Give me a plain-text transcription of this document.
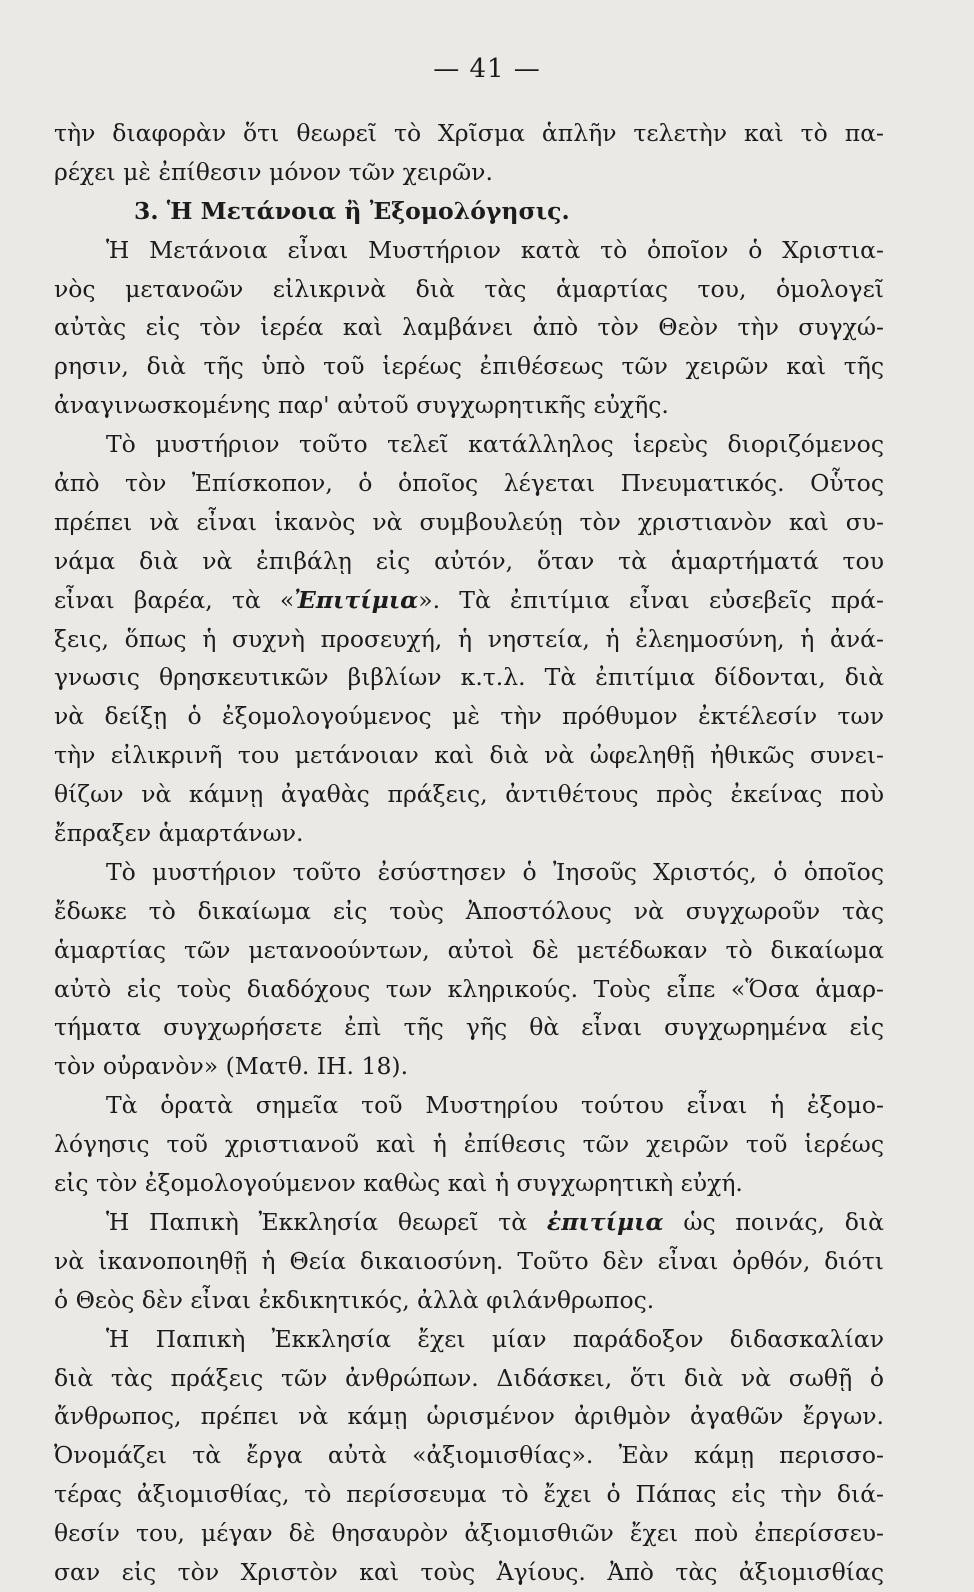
— 41 —
τὴν διαφορὰν ὅτι θεωρεῖ τὸ Χρῖσμα ἁπλῆν τελετὴν καὶ τὸ πα-
ρέχει μὲ ἐπίθεσιν μόνον τῶν χειρῶν.
3. Ἡ Μετάνοια ἢ Ἐξομολόγησις.
Ἡ Μετάνοια εἶναι Μυστήριον κατὰ τὸ ὁποῖον ὁ Χριστια-
νὸς μετανοῶν εἰλικρινὰ διὰ τὰς ἁμαρτίας του, ὁμολογεῖ
αὐτὰς εἰς τὸν ἱερέα καὶ λαμβάνει ἀπὸ τὸν Θεὸν τὴν συγχώ-
ρησιν, διὰ τῆς ὑπὸ τοῦ ἱερέως ἐπιθέσεως τῶν χειρῶν καὶ τῆς
ἀναγινωσκομένης παρ' αὐτοῦ συγχωρητικῆς εὐχῆς.
Τὸ μυστήριον τοῦτο τελεῖ κατάλληλος ἱερεὺς διοριζόμενος
ἀπὸ τὸν Ἐπίσκοπον, ὁ ὁποῖος λέγεται Πνευματικός. Οὗτος
πρέπει νὰ εἶναι ἱκανὸς νὰ συμβουλεύῃ τὸν χριστιανὸν καὶ συ-
νάμα διὰ νὰ ἐπιβάλῃ εἰς αὐτόν, ὅταν τὰ ἁμαρτήματά του
εἶναι βαρέα, τὰ «Ἐπιτίμια». Τὰ ἐπιτίμια εἶναι εὐσεβεῖς πρά-
ξεις, ὅπως ἡ συχνὴ προσευχή, ἡ νηστεία, ἡ ἐλεημοσύνη, ἡ ἀνά-
γνωσις θρησκευτικῶν βιβλίων κ.τ.λ. Τὰ ἐπιτίμια δίδονται, διὰ
νὰ δείξῃ ὁ ἐξομολογούμενος μὲ τὴν πρόθυμον ἐκτέλεσίν των
τὴν εἰλικρινῆ του μετάνοιαν καὶ διὰ νὰ ὠφεληθῇ ἠθικῶς συνει-
θίζων νὰ κάμνῃ ἀγαθὰς πράξεις, ἀντιθέτους πρὸς ἐκείνας ποὺ
ἔπραξεν ἁμαρτάνων.
Τὸ μυστήριον τοῦτο ἐσύστησεν ὁ Ἰησοῦς Χριστός, ὁ ὁποῖος
ἔδωκε τὸ δικαίωμα εἰς τοὺς Ἀποστόλους νὰ συγχωροῦν τὰς
ἁμαρτίας τῶν μετανοούντων, αὐτοὶ δὲ μετέδωκαν τὸ δικαίωμα
αὐτὸ εἰς τοὺς διαδόχους των κληρικούς. Τοὺς εἶπε «Ὅσα ἁμαρ-
τήματα συγχωρήσετε ἐπὶ τῆς γῆς θὰ εἶναι συγχωρημένα εἰς
τὸν οὐρανὸν» (Ματθ. ΙΗ. 18).
Τὰ ὁρατὰ σημεῖα τοῦ Μυστηρίου τούτου εἶναι ἡ ἐξομο-
λόγησις τοῦ χριστιανοῦ καὶ ἡ ἐπίθεσις τῶν χειρῶν τοῦ ἱερέως
εἰς τὸν ἐξομολογούμενον καθὼς καὶ ἡ συγχωρητικὴ εὐχή.
Ἡ Παπικὴ Ἐκκλησία θεωρεῖ τὰ ἐπιτίμια ὡς ποινάς, διὰ
νὰ ἱκανοποιηθῇ ἡ Θεία δικαιοσύνη. Τοῦτο δὲν εἶναι ὀρθόν, διότι
ὁ Θεὸς δὲν εἶναι ἐκδικητικός, ἀλλὰ φιλάνθρωπος.
Ἡ Παπικὴ Ἐκκλησία ἔχει μίαν παράδοξον διδασκαλίαν
διὰ τὰς πράξεις τῶν ἀνθρώπων. Διδάσκει, ὅτι διὰ νὰ σωθῇ ὁ
ἄνθρωπος, πρέπει νὰ κάμῃ ὡρισμένον ἀριθμὸν ἀγαθῶν ἔργων.
Ὀνομάζει τὰ ἔργα αὐτὰ «ἀξιομισθίας». Ἐὰν κάμῃ περισσο-
τέρας ἀξιομισθίας, τὸ περίσσευμα τὸ ἔχει ὁ Πάπας εἰς τὴν διά-
θεσίν του, μέγαν δὲ θησαυρὸν ἀξιομισθιῶν ἔχει ποὺ ἐπερίσσευ-
σαν εἰς τὸν Χριστὸν καὶ τοὺς Ἁγίους. Ἀπὸ τὰς ἀξιομισθίας
